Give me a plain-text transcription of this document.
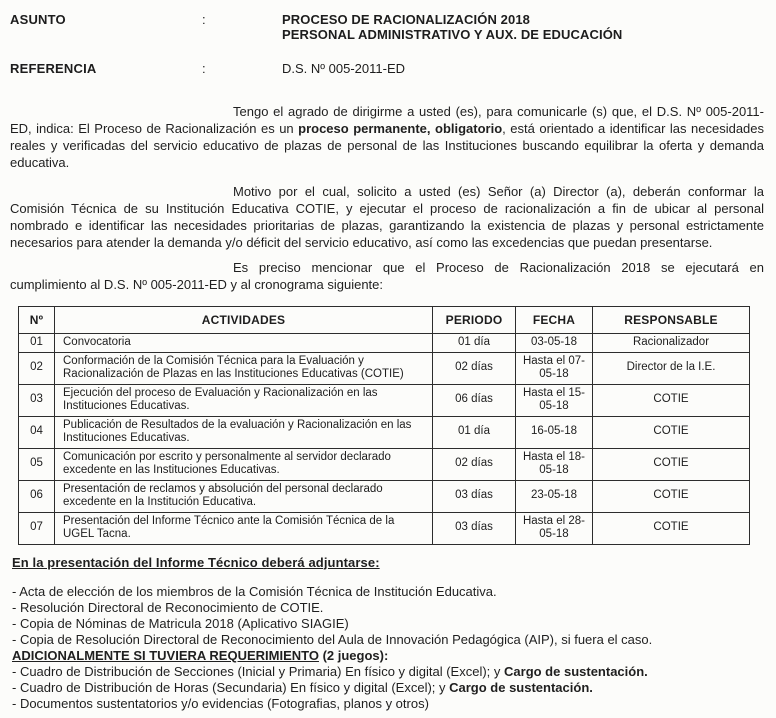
ASUNTO	:	PROCESO DE RACIONALIZACIÓN 2018
PERSONAL ADMINISTRATIVO Y AUX. DE EDUCACIÓN
REFERENCIA	:	D.S. Nº 005-2011-ED

Tengo el agrado de dirigirme a usted (es), para comunicarle (s) que, el D.S. Nº 005-2011-ED, indica: El Proceso de Racionalización es un proceso permanente, obligatorio, está orientado a identificar las necesidades reales y verificadas del servicio educativo de plazas de personal de las Instituciones buscando equilibrar la oferta y demanda educativa.

Motivo por el cual, solicito a usted (es) Señor (a) Director (a), deberán conformar la Comisión Técnica de su Institución Educativa COTIE, y ejecutar el proceso de racionalización a fin de ubicar al personal nombrado e identificar las necesidades prioritarias de plazas, garantizando la existencia de plazas y personal estrictamente necesarios para atender la demanda y/o déficit del servicio educativo, así como las excedencias que puedan presentarse.

Es preciso mencionar que el Proceso de Racionalización 2018 se ejecutará en cumplimiento al D.S. Nº 005-2011-ED y al cronograma siguiente:

Nº	ACTIVIDADES	PERIODO	FECHA	RESPONSABLE
01	Convocatoria	01 día	03-05-18	Racionalizador
02	Conformación de la Comisión Técnica para la Evaluación y Racionalización de Plazas en las Instituciones Educativas (COTIE)	02 días	Hasta el 07-05-18	Director de la I.E.
03	Ejecución del proceso de Evaluación y Racionalización en las Instituciones Educativas.	06 días	Hasta el 15-05-18	COTIE
04	Publicación de Resultados de la evaluación y Racionalización en las Instituciones Educativas.	01 día	16-05-18	COTIE
05	Comunicación por escrito y personalmente al servidor declarado excedente en las Instituciones Educativas.	02 días	Hasta el 18-05-18	COTIE
06	Presentación de reclamos y absolución del personal declarado excedente en la Institución Educativa.	03 días	23-05-18	COTIE
07	Presentación del Informe Técnico ante la Comisión Técnica de la UGEL Tacna.	03 días	Hasta el 28-05-18	COTIE
En la presentación del Informe Técnico deberá adjuntarse:
- Acta de elección de los miembros de la Comisión Técnica de Institución Educativa.
- Resolución Directoral de Reconocimiento de COTIE.
- Copia de Nóminas de Matricula 2018 (Aplicativo SIAGIE)
- Copia de Resolución Directoral de Reconocimiento del Aula de Innovación Pedagógica (AIP), si fuera el caso.
ADICIONALMENTE SI TUVIERA REQUERIMIENTO (2 juegos):
- Cuadro de Distribución de Secciones (Inicial y Primaria) En físico y digital (Excel); y Cargo de sustentación.
- Cuadro de Distribución de Horas (Secundaria) En físico y digital (Excel); y Cargo de sustentación.
- Documentos sustentatorios y/o evidencias (Fotografias, planos y otros)
